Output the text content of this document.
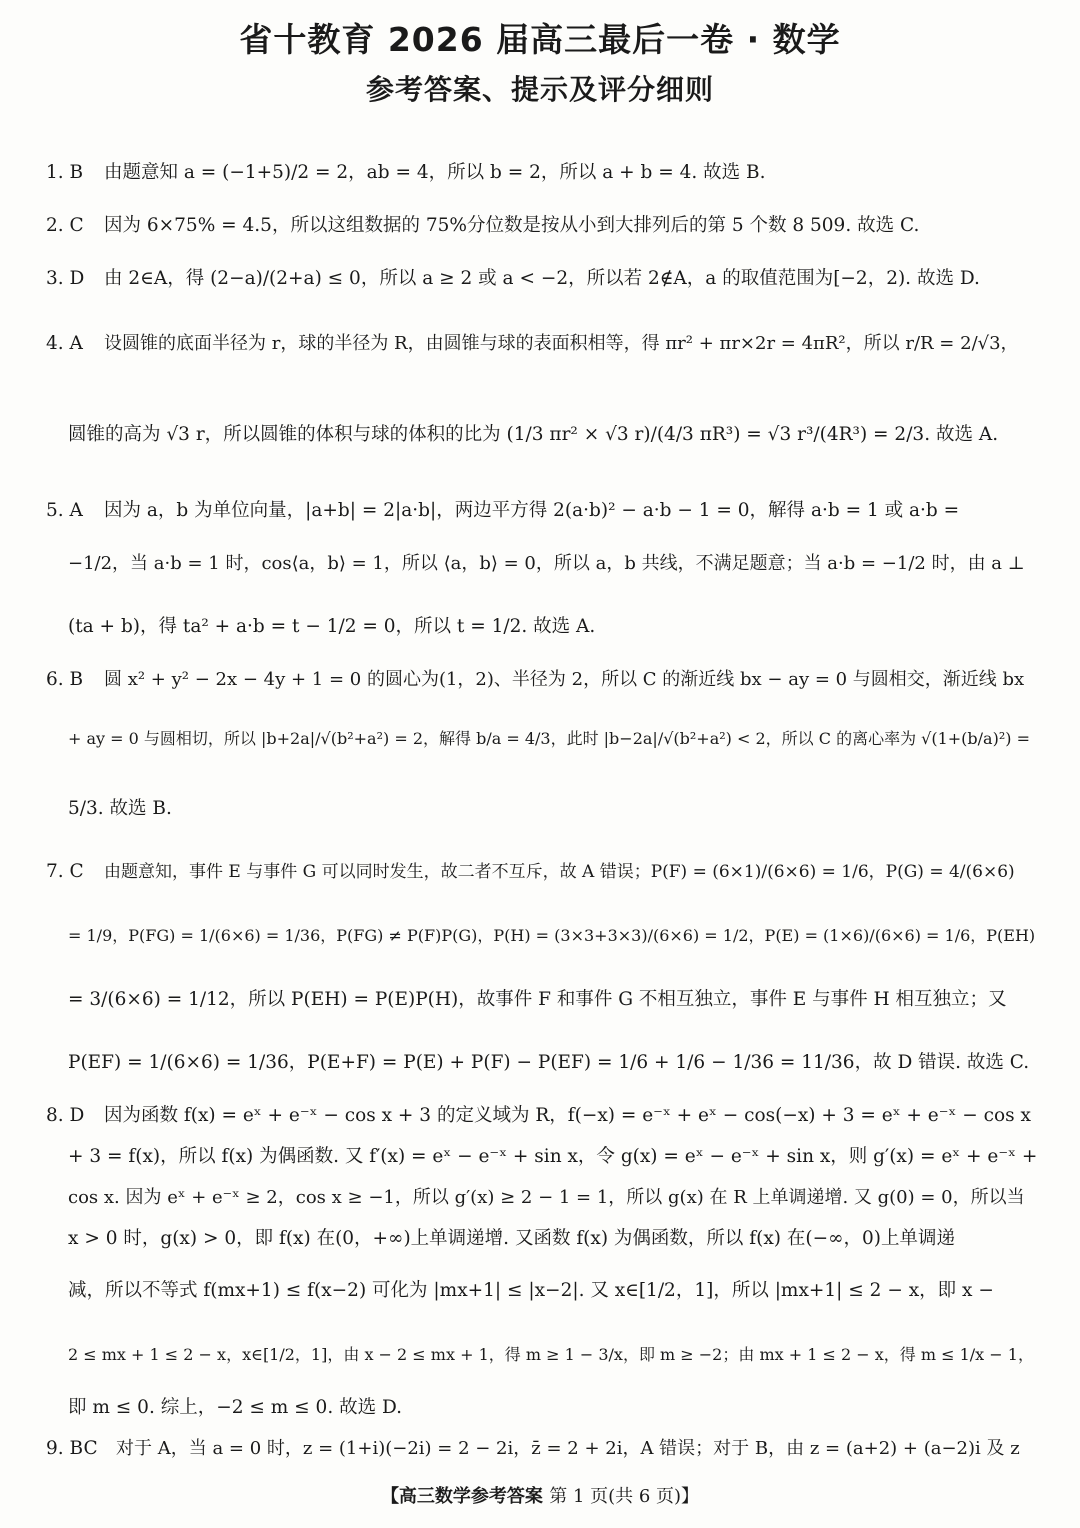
省十教育 2026 届高三最后一卷 · 数学
参考答案、提示及评分细则
1. B 由题意知 a = (−1+5)/2 = 2，ab = 4，所以 b = 2，所以 a + b = 4. 故选 B.
2. C 因为 6×75% = 4.5，所以这组数据的 75%分位数是按从小到大排列后的第 5 个数 8 509. 故选 C.
3. D 由 2∈A，得 (2−a)/(2+a) ≤ 0，所以 a ≥ 2 或 a < −2，所以若 2∉A，a 的取值范围为[−2，2). 故选 D.
4. A 设圆锥的底面半径为 r，球的半径为 R，由圆锥与球的表面积相等，得 πr² + πr×2r = 4πR²，所以 r/R = 2/√3，
圆锥的高为 √3 r，所以圆锥的体积与球的体积的比为 (1/3 πr² × √3 r)/(4/3 πR³) = √3 r³/(4R³) = 2/3. 故选 A.
5. A 因为 a，b 为单位向量，|a+b| = 2|a·b|，两边平方得 2(a·b)² − a·b − 1 = 0，解得 a·b = 1 或 a·b =
−1/2，当 a·b = 1 时，cos⟨a，b⟩ = 1，所以 ⟨a，b⟩ = 0，所以 a，b 共线，不满足题意；当 a·b = −1/2 时，由 a ⊥
(ta + b)，得 ta² + a·b = t − 1/2 = 0，所以 t = 1/2. 故选 A.
6. B 圆 x² + y² − 2x − 4y + 1 = 0 的圆心为(1，2)、半径为 2，所以 C 的渐近线 bx − ay = 0 与圆相交，渐近线 bx
+ ay = 0 与圆相切，所以 |b+2a|/√(b²+a²) = 2，解得 b/a = 4/3，此时 |b−2a|/√(b²+a²) < 2，所以 C 的离心率为 √(1+(b/a)²) =
5/3. 故选 B.
7. C 由题意知，事件 E 与事件 G 可以同时发生，故二者不互斥，故 A 错误；P(F) = (6×1)/(6×6) = 1/6，P(G) = 4/(6×6)
= 1/9，P(FG) = 1/(6×6) = 1/36，P(FG) ≠ P(F)P(G)，P(H) = (3×3+3×3)/(6×6) = 1/2，P(E) = (1×6)/(6×6) = 1/6，P(EH)
= 3/(6×6) = 1/12，所以 P(EH) = P(E)P(H)，故事件 F 和事件 G 不相互独立，事件 E 与事件 H 相互独立；又
P(EF) = 1/(6×6) = 1/36，P(E+F) = P(E) + P(F) − P(EF) = 1/6 + 1/6 − 1/36 = 11/36，故 D 错误. 故选 C.
8. D 因为函数 f(x) = eˣ + e⁻ˣ − cos x + 3 的定义域为 R，f(−x) = e⁻ˣ + eˣ − cos(−x) + 3 = eˣ + e⁻ˣ − cos x
+ 3 = f(x)，所以 f(x) 为偶函数. 又 f′(x) = eˣ − e⁻ˣ + sin x，令 g(x) = eˣ − e⁻ˣ + sin x，则 g′(x) = eˣ + e⁻ˣ +
cos x. 因为 eˣ + e⁻ˣ ≥ 2，cos x ≥ −1，所以 g′(x) ≥ 2 − 1 = 1，所以 g(x) 在 R 上单调递增. 又 g(0) = 0，所以当
x > 0 时，g(x) > 0，即 f(x) 在(0，+∞)上单调递增. 又函数 f(x) 为偶函数，所以 f(x) 在(−∞，0)上单调递
减，所以不等式 f(mx+1) ≤ f(x−2) 可化为 |mx+1| ≤ |x−2|. 又 x∈[1/2，1]，所以 |mx+1| ≤ 2 − x，即 x −
2 ≤ mx + 1 ≤ 2 − x，x∈[1/2，1]，由 x − 2 ≤ mx + 1，得 m ≥ 1 − 3/x，即 m ≥ −2；由 mx + 1 ≤ 2 − x，得 m ≤ 1/x − 1，
即 m ≤ 0. 综上，−2 ≤ m ≤ 0. 故选 D.
9. BC 对于 A，当 a = 0 时，z = (1+i)(−2i) = 2 − 2i，z̄ = 2 + 2i，A 错误；对于 B，由 z = (a+2) + (a−2)i 及 z
【高三数学参考答案 第 1 页(共 6 页)】
